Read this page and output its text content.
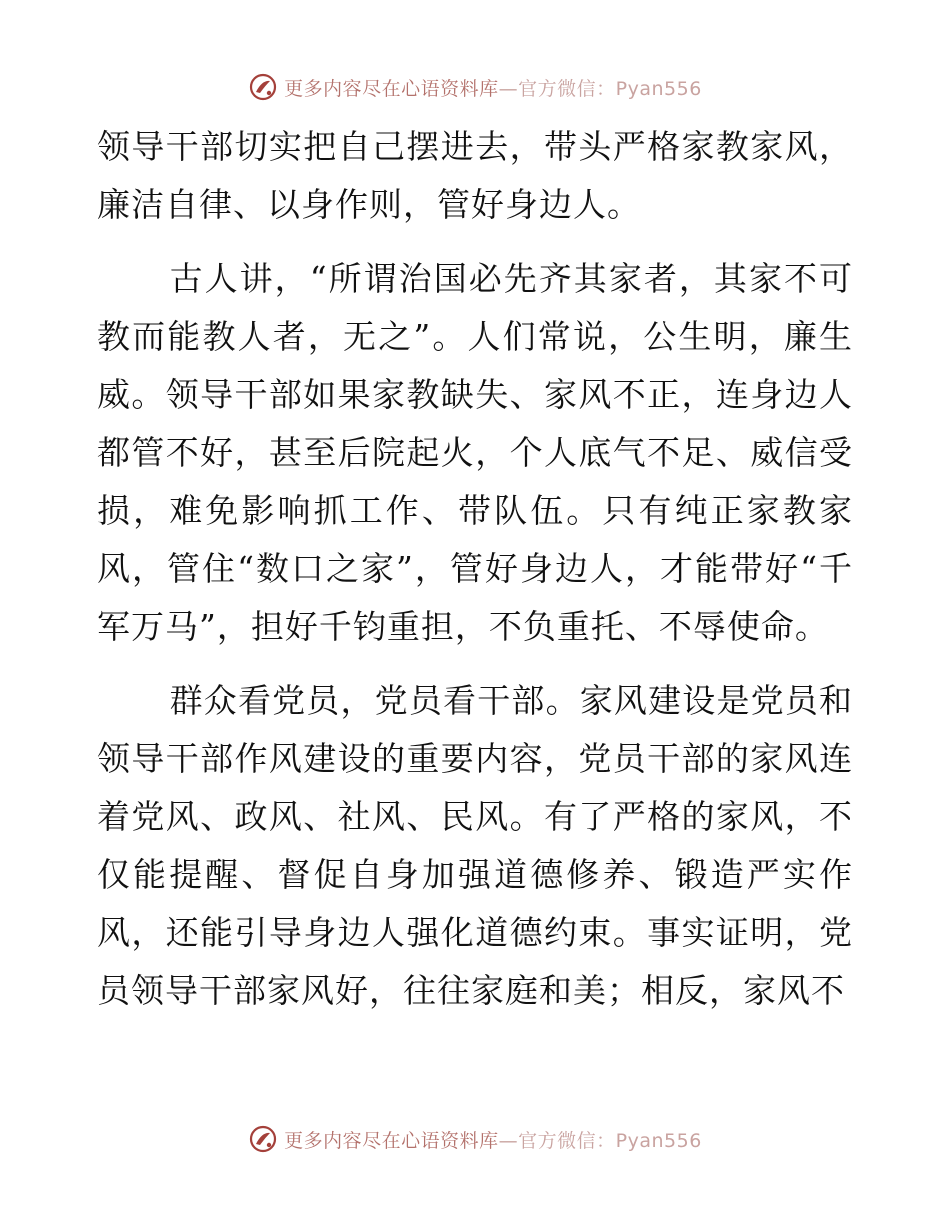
更多内容尽在心语资料库—官方微信：Pyan556

领导干部切实把自己摆进去，带头严格家教家风，廉洁自律、以身作则，管好身边人。

古人讲，“所谓治国必先齐其家者，其家不可教而能教人者，无之”。人们常说，公生明，廉生威。领导干部如果家教缺失、家风不正，连身边人都管不好，甚至后院起火，个人底气不足、威信受损，难免影响抓工作、带队伍。只有纯正家教家风，管住“数口之家”，管好身边人，才能带好“千军万马”，担好千钧重担，不负重托、不辱使命。

群众看党员，党员看干部。家风建设是党员和领导干部作风建设的重要内容，党员干部的家风连着党风、政风、社风、民风。有了严格的家风，不仅能提醒、督促自身加强道德修养、锻造严实作风，还能引导身边人强化道德约束。事实证明，党员领导干部家风好，往往家庭和美；相反，家风不

更多内容尽在心语资料库—官方微信：Pyan556
